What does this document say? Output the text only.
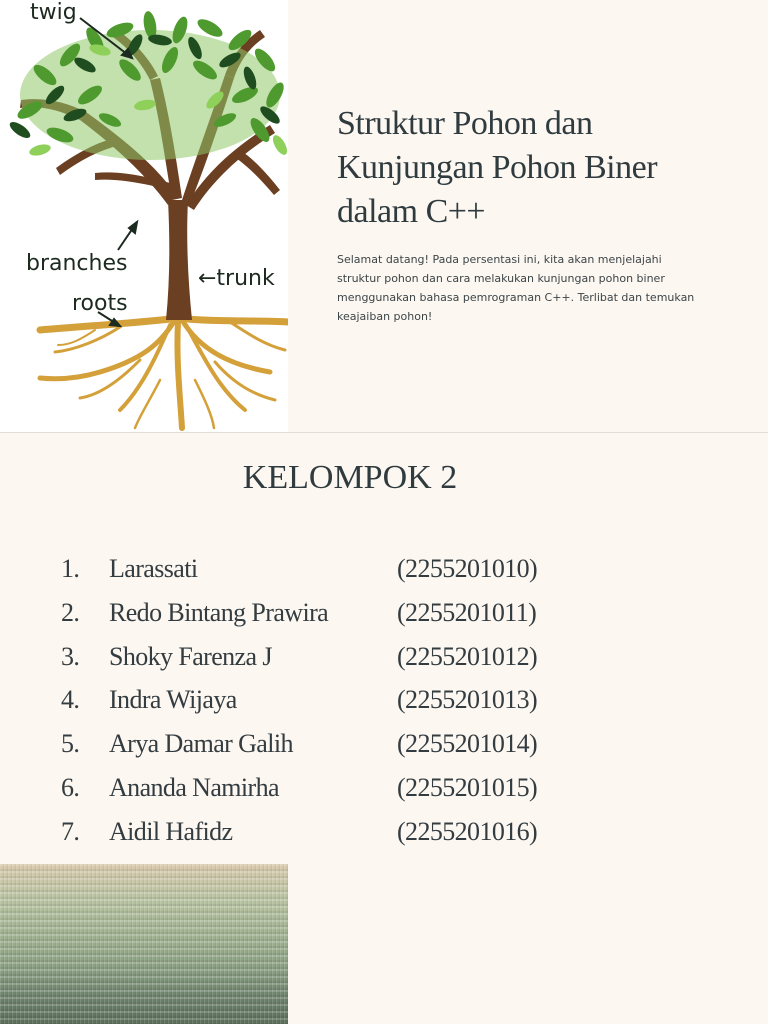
twig
branches
roots
←trunk
Struktur Pohon dan Kunjungan Pohon Biner dalam C++

Selamat datang! Pada persentasi ini, kita akan menjelajahi struktur pohon dan cara melakukan kunjungan pohon biner menggunakan bahasa pemrograman C++. Terlibat dan temukan keajaiban pohon!

KELOMPOK 2
1. Larassati	(2255201010)
2. Redo Bintang Prawira	(2255201011)
3. Shoky Farenza J	(2255201012)
4. Indra Wijaya	(2255201013)
5. Arya Damar Galih	(2255201014)
6. Ananda Namirha	(2255201015)
7. Aidil Hafidz	(2255201016)
